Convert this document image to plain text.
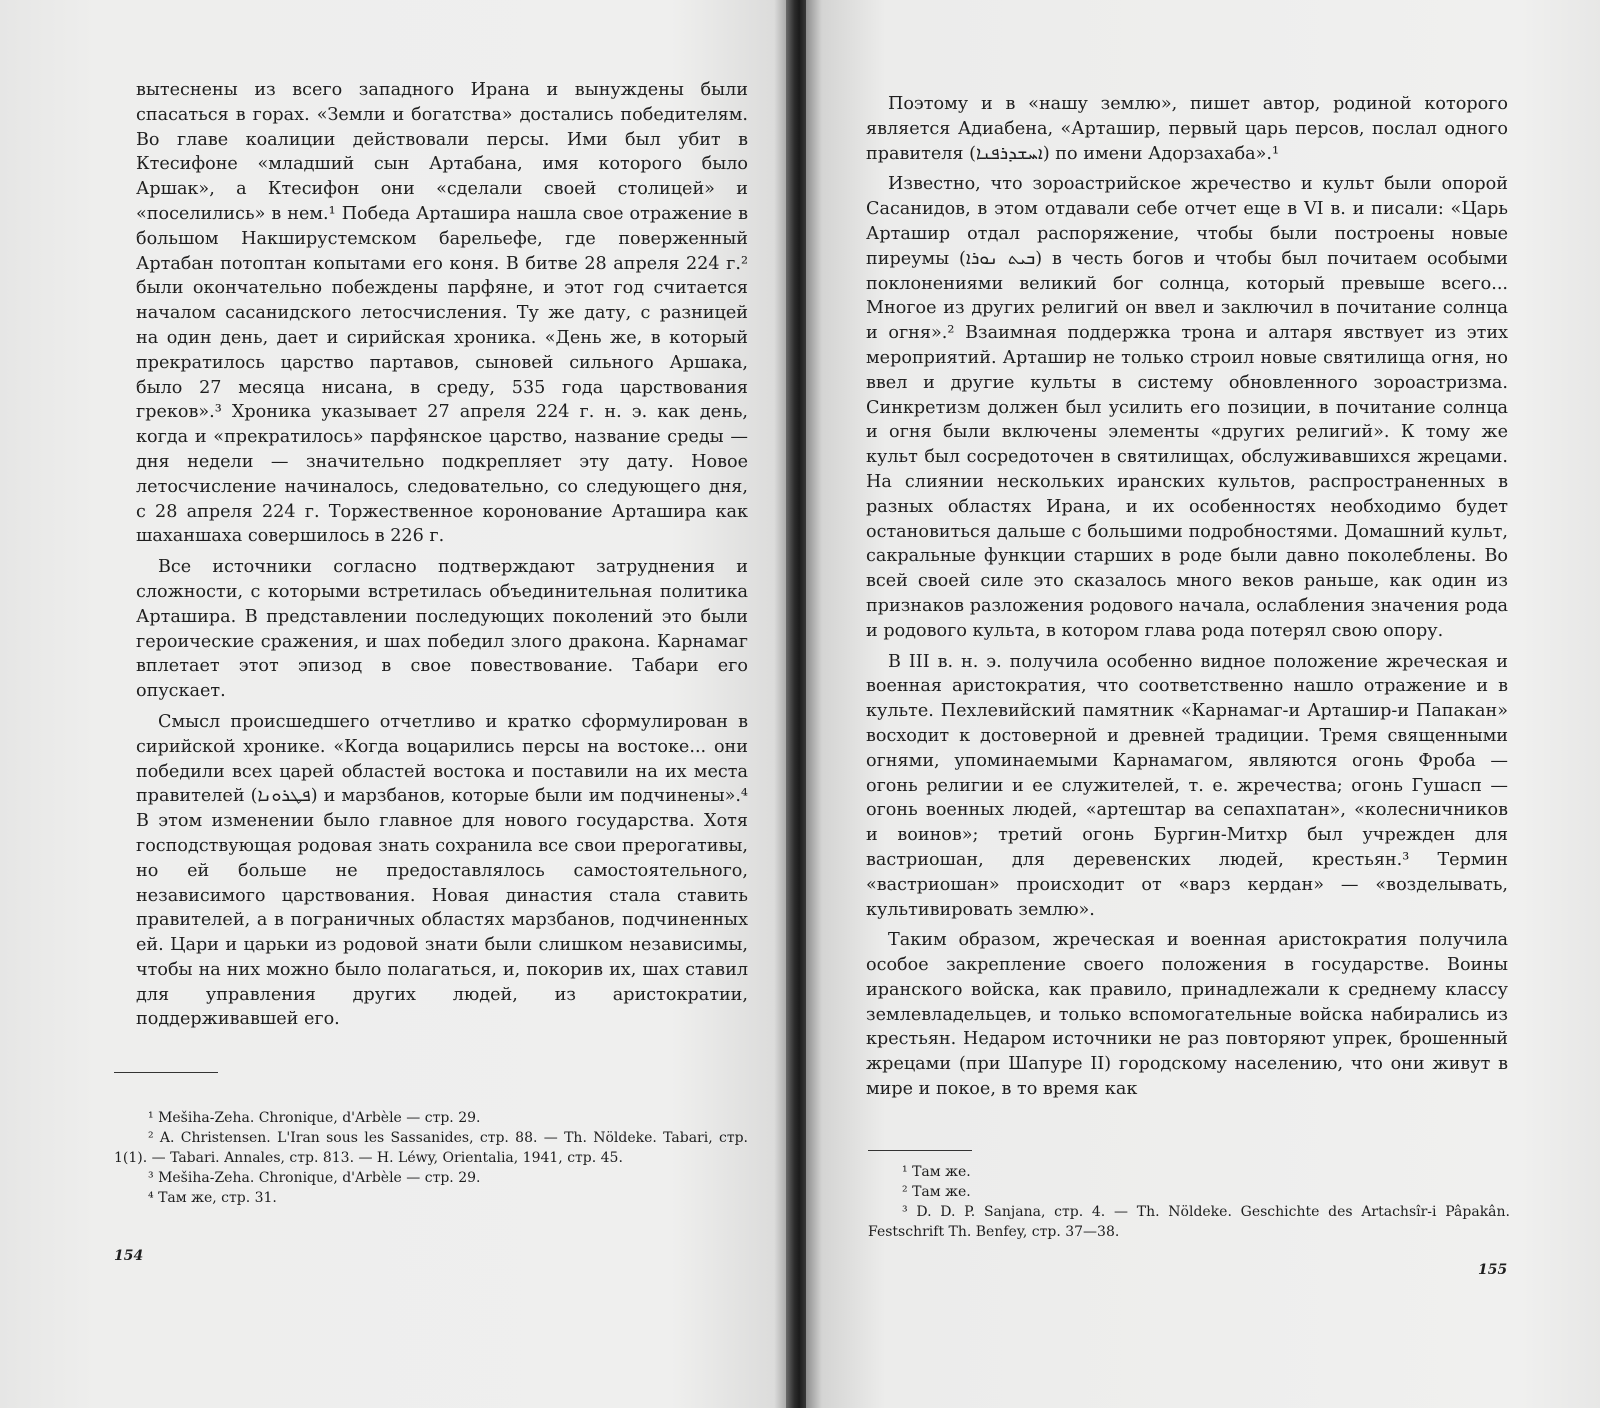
вытеснены из всего западного Ирана и вынуждены были спасаться в горах. «Земли и богатства» достались победителям. Во главе коалиции действовали персы. Ими был убит в Ктесифоне «младший сын Артабана, имя которого было Аршак», а Ктесифон они «сделали своей столицей» и «поселились» в нем.¹ Победа Арташира нашла свое отражение в большом Накширустемском барельефе, где поверженный Артабан потоптан копытами его коня. В битве 28 апреля 224 г.² были окончательно побеждены парфяне, и этот год считается началом сасанидского летосчисления. Ту же дату, с разницей на один день, дает и сирийская хроника. «День же, в который прекратилось царство партавов, сыновей сильного Аршака, было 27 месяца нисана, в среду, 535 года царствования греков».³ Хроника указывает 27 апреля 224 г. н. э. как день, когда и «прекратилось» парфянское царство, название среды — дня недели — значительно подкрепляет эту дату. Новое летосчисление начиналось, следовательно, со следующего дня, с 28 апреля 224 г. Торжественное коронование Арташира как шаханшаха совершилось в 226 г.

Все источники согласно подтверждают затруднения и сложности, с которыми встретилась объединительная политика Арташира. В представлении последующих поколений это были героические сражения, и шах победил злого дракона. Карнамаг вплетает этот эпизод в свое повествование. Табари его опускает.

Смысл происшедшего отчетливо и кратко сформулирован в сирийской хронике. «Когда воцарились персы на востоке... они победили всех царей областей востока и поставили на их места правителей (ܦܛܪܘܢܐ) и марзбанов, которые были им подчинены».⁴ В этом изменении было главное для нового государства. Хотя господствующая родовая знать сохранила все свои прерогативы, но ей больше не предоставлялось самостоятельного, независимого царствования. Новая династия стала ставить правителей, а в пограничных областях марзбанов, подчиненных ей. Цари и царьки из родовой знати были слишком независимы, чтобы на них можно было полагаться, и, покорив их, шах ставил для управления других людей, из аристократии, поддерживавшей его.

¹ Mešiha-Zeha. Chronique, d'Arbèle — стр. 29.

² A. Christensen. L'Iran sous les Sassanides, стр. 88. — Th. Nöldeke. Tabari, стр. 1(1). — Tabari. Annales, стр. 813. — H. Léwy, Orientalia, 1941, стр. 45.

³ Mešiha-Zeha. Chronique, d'Arbèle — стр. 29.

⁴ Там же, стр. 31.

154

Поэтому и в «нашу землю», пишет автор, родиной которого является Адиабена, «Арташир, первый царь персов, послал одного правителя (ܐܚܫܕܪܦܢܐ) по имени Адорзахаба».¹

Известно, что зороастрийское жречество и культ были опорой Сасанидов, в этом отдавали себе отчет еще в VI в. и писали: «Царь Арташир отдал распоряжение, чтобы были построены новые пиреумы (ܒܝܬ ܢܘܪܐ) в честь богов и чтобы был почитаем особыми поклонениями великий бог солнца, который превыше всего... Многое из других религий он ввел и заключил в почитание солнца и огня».² Взаимная поддержка трона и алтаря явствует из этих мероприятий. Арташир не только строил новые святилища огня, но ввел и другие культы в систему обновленного зороастризма. Синкретизм должен был усилить его позиции, в почитание солнца и огня были включены элементы «других религий». К тому же культ был сосредоточен в святилищах, обслуживавшихся жрецами. На слиянии нескольких иранских культов, распространенных в разных областях Ирана, и их особенностях необходимо будет остановиться дальше с большими подробностями. Домашний культ, сакральные функции старших в роде были давно поколеблены. Во всей своей силе это сказалось много веков раньше, как один из признаков разложения родового начала, ослабления значения рода и родового культа, в котором глава рода потерял свою опору.

В III в. н. э. получила особенно видное положение жреческая и военная аристократия, что соответственно нашло отражение и в культе. Пехлевийский памятник «Карнамаг-и Арташир-и Папакан» восходит к достоверной и древней традиции. Тремя священными огнями, упоминаемыми Карнамагом, являются огонь Фроба — огонь религии и ее служителей, т. е. жречества; огонь Гушасп — огонь военных людей, «артештар ва сепахпатан», «колесничников и воинов»; третий огонь Бургин-Митхр был учрежден для вастриошан, для деревенских людей, крестьян.³ Термин «вастриошан» происходит от «варз кердан» — «возделывать, культивировать землю».

Таким образом, жреческая и военная аристократия получила особое закрепление своего положения в государстве. Воины иранского войска, как правило, принадлежали к среднему классу землевладельцев, и только вспомогательные войска набирались из крестьян. Недаром источники не раз повторяют упрек, брошенный жрецами (при Шапуре II) городскому населению, что они живут в мире и покое, в то время как

¹ Там же.

² Там же.

³ D. D. P. Sanjana, стр. 4. — Th. Nöldeke. Geschichte des Artachsîr-i Pâpakân. Festschrift Th. Benfey, стр. 37—38.

155
